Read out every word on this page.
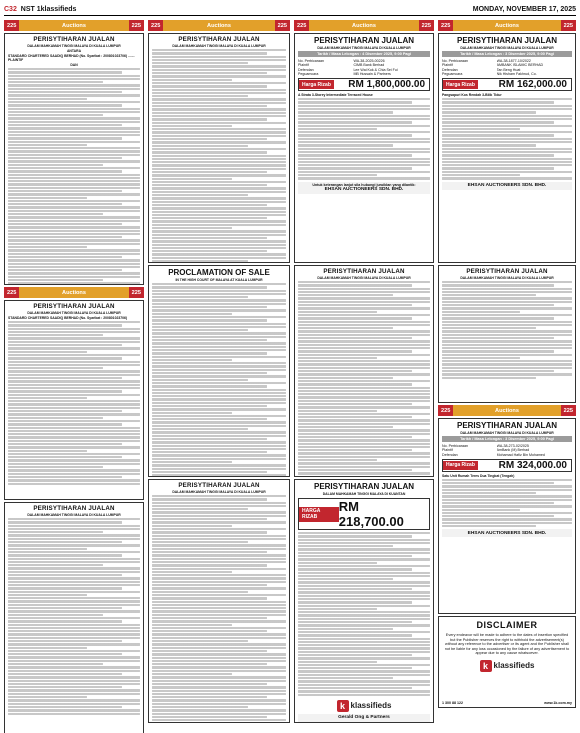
C32 NST 1klassifieds	MONDAY, NOVEMBER 17, 2025
225	Auctions	225
PERISYTIHARAN JUALAN
DALAM MAHKAMAH TINGGI MALAYA DI KUALA LUMPUR
ANTARA
STANDARD CHARTERED SAADIQ BERHAD (No. Syarikat : 200801023706) ....... PLAINTIF
DAN
225	Auctions	225
PERISYTIHARAN JUALAN
DALAM MAHKAMAH TINGGI MALAYA DI KUALA LUMPUR
STANDARD CHARTERED SAADIQ BERHAD (No. Syarikat : 200801023706)
PERISYTIHARAN JUALAN
DALAM MAHKAMAH TINGGI MALAYA DI KUALA LUMPUR
225	Auctions	225
PERISYTIHARAN JUALAN
DALAM MAHKAMAH TINGGI MALAYA DI KUALA LUMPUR
PROCLAMATION OF SALE
IN THE HIGH COURT OF MALAYA AT KUALA LUMPUR
PERISYTIHARAN JUALAN
DALAM MAHKAMAH TINGGI MALAYA DI KUALA LUMPUR
225	Auctions	225
PERISYTIHARAN JUALAN
DALAM MAHKAMAH TINGGI MALAYA DI KUALA LUMPUR
Tarikh / Masa Lelongan : 4 Disember 2025, 9:00 Pagi
No. Perbicaraan	WA-38-2025-00226
Plaintif	CIMB Bank Berhad
Defendan	Lee Wai Kok & Chia Sei Fui
Peguamcara	MB Hussain & Partners
Harga Rizab	RM 1,800,000.00
A Strata 3-Storey Intermediate Terraced House
Untuk keterangan lanjut sila hubungi juruiklan yang dilantik:
EHSAN AUCTIONEERS SDN. BHD.
PERISYTIHARAN JUALAN
DALAM MAHKAMAH TINGGI MALAYA DI KUALA LUMPUR
PERISYTIHARAN JUALAN
DALAM MAHKAMAH TINGGI MALAYA DI KUANTAN
HARGA RIZAB
RM 218,700.00
k klassifieds
Gerald Ong & Partners
225	Auctions	225
PERISYTIHARAN JUALAN
DALAM MAHKAMAH TINGGI MALAYA DI KUALA LUMPUR
Tarikh / Masa Lelongan : 3 Disember 2025, 9:00 Pagi
No. Perbicaraan	WA-38-1877-10/2022
Plaintif	AMBANK ISLAMIC BERHAD
Defendan	Tan Beng Huat
Peguamcara	Nik Hisham Fakhrud, Co.
Harga Rizab	RM 162,000.00
Pangsapuri Kos Rendah 3-Bilik Tidur
EHSAN AUCTIONEERS SDN. BHD.
PERISYTIHARAN JUALAN
DALAM MAHKAMAH TINGGI MALAYA DI KUALA LUMPUR
225	Auctions	225
PERISYTIHARAN JUALAN
DALAM MAHKAMAH TINGGI MALAYA DI KUALA LUMPUR
Tarikh / Masa Lelongan : 3 Disember 2025, 9:00 Pagi
No. Perbicaraan	WA-38-273-02/2025
Plaintif	AmBank (M) Berhad
Defendan	Mohamad Hafiz Bin Mohamed
Harga Rizab	RM 324,000.00
Satu Unit Rumah Teres Dua Tingkat (Tengah)
EHSAN AUCTIONEERS SDN. BHD.
DISCLAIMER

Every endeavor will be made to adhere to the dates of insertion specified but the Publisher reserves the right to withhold the advertisement(s) without any reference to the advertiser or its agent and the Publisher shall not be liable for any loss occasioned by the failure of any advertisement to appear due to any cause whatsoever.

k klassifieds
1 300 88 122	www.1k.com.my
